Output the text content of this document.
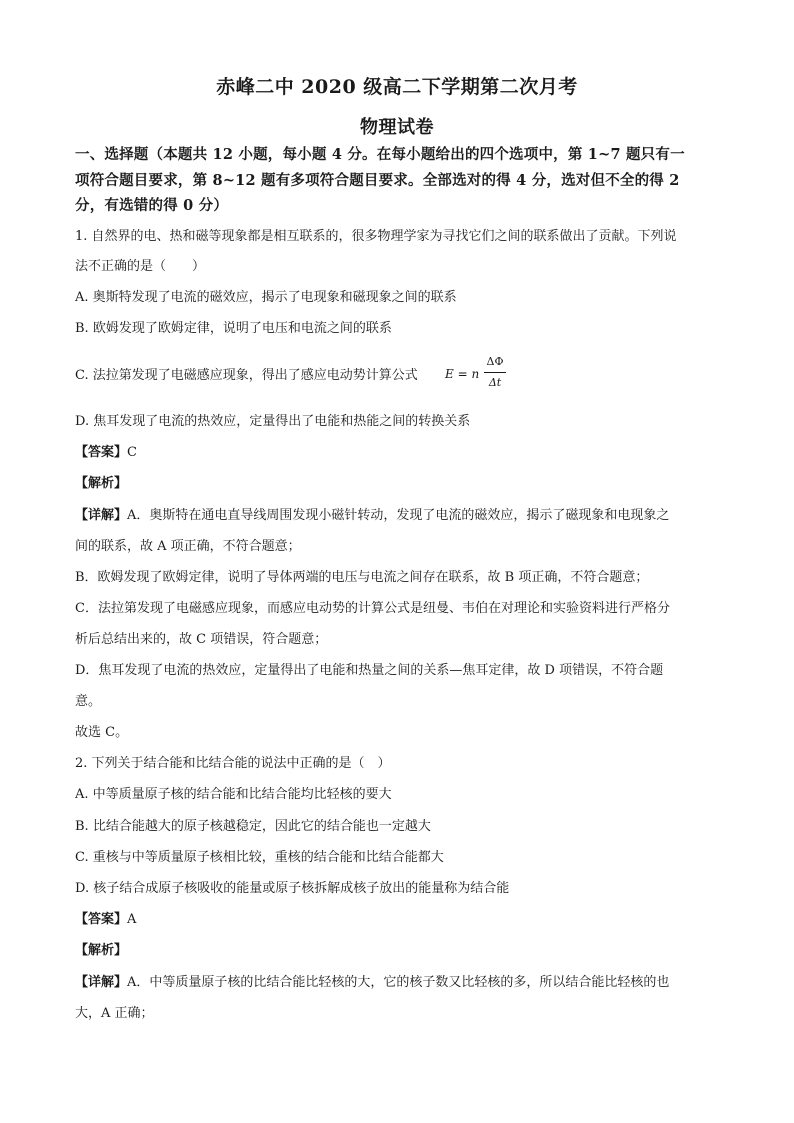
赤峰二中 2020 级高二下学期第二次月考
物理试卷
一、选择题（本题共 12 小题，每小题 4 分。在每小题给出的四个选项中，第 1~7 题只有一
项符合题目要求，第 8~12 题有多项符合题目要求。全部选对的得 4 分，选对但不全的得 2
分，有选错的得 0 分）
1. 自然界的电、热和磁等现象都是相互联系的，很多物理学家为寻找它们之间的联系做出了贡献。下列说
法不正确的是（　　）
A. 奥斯特发现了电流的磁效应，揭示了电现象和磁现象之间的联系
B. 欧姆发现了欧姆定律，说明了电压和电流之间的联系
C. 法拉第发现了电磁感应现象，得出了感应电动势计算公式	E = n
ΔΦ
Δt
D. 焦耳发现了电流的热效应，定量得出了电能和热能之间的转换关系
【答案】C
【解析】
【详解】A．奥斯特在通电直导线周围发现小磁针转动，发现了电流的磁效应，揭示了磁现象和电现象之
间的联系，故 A 项正确，不符合题意；
B．欧姆发现了欧姆定律，说明了导体两端的电压与电流之间存在联系，故 B 项正确，不符合题意；
C．法拉第发现了电磁感应现象，而感应电动势的计算公式是纽曼、韦伯在对理论和实验资料进行严格分
析后总结出来的，故 C 项错误，符合题意；
D．焦耳发现了电流的热效应，定量得出了电能和热量之间的关系—焦耳定律，故 D 项错误，不符合题
意。
故选 C。
2. 下列关于结合能和比结合能的说法中正确的是（　）
A. 中等质量原子核的结合能和比结合能均比轻核的要大
B. 比结合能越大的原子核越稳定，因此它的结合能也一定越大
C. 重核与中等质量原子核相比较，重核的结合能和比结合能都大
D. 核子结合成原子核吸收的能量或原子核拆解成核子放出的能量称为结合能
【答案】A
【解析】
【详解】A．中等质量原子核的比结合能比轻核的大，它的核子数又比轻核的多，所以结合能比轻核的也
大，A 正确；
